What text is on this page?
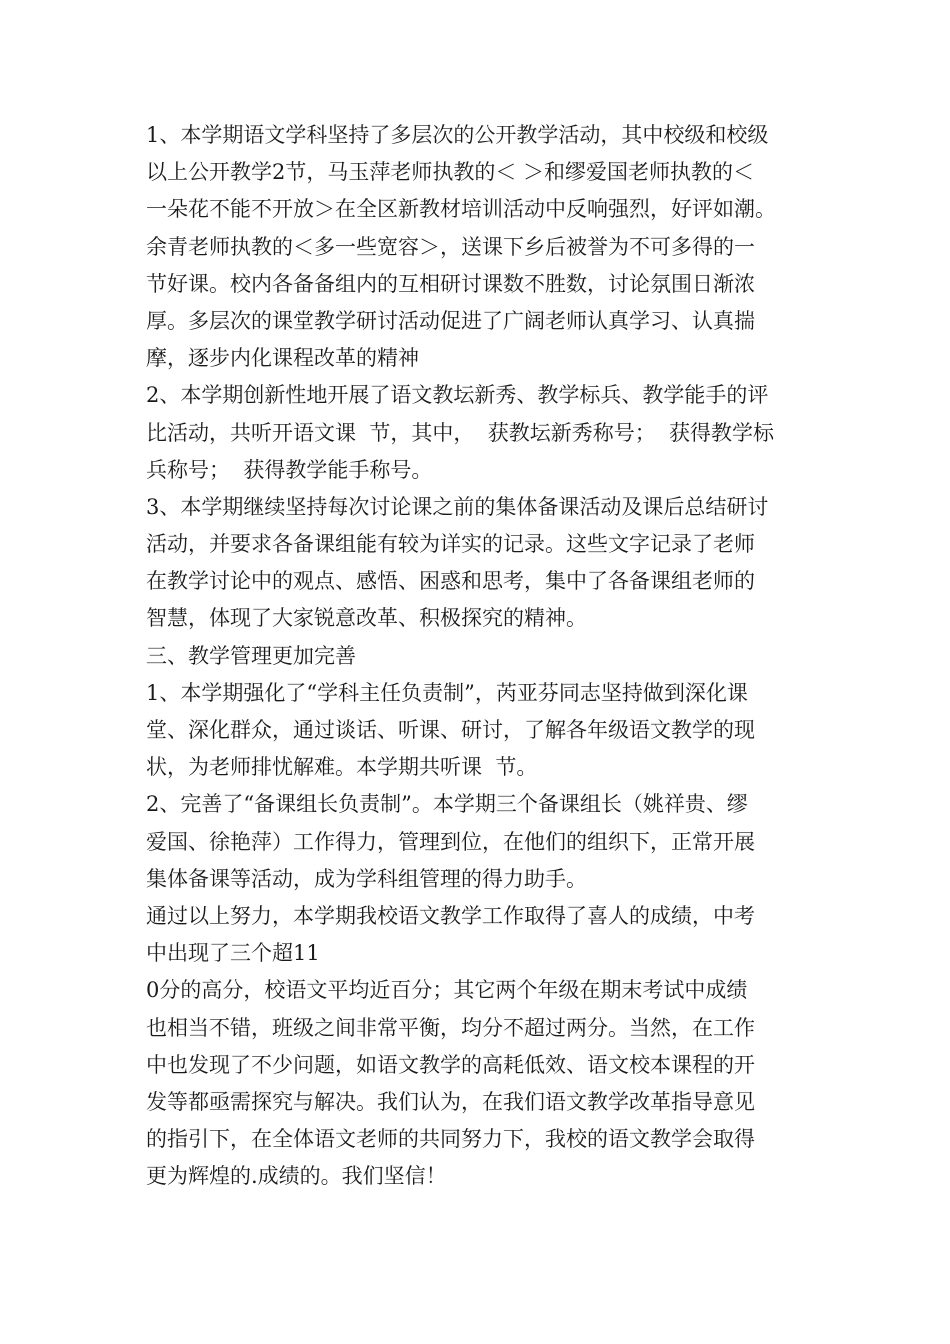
1、本学期语文学科坚持了多层次的公开教学活动，其中校级和校级
以上公开教学2节，马玉萍老师执教的＜ ＞和缪爱国老师执教的＜
一朵花不能不开放＞在全区新教材培训活动中反响强烈，好评如潮。
余青老师执教的＜多一些宽容＞，送课下乡后被誉为不可多得的一
节好课。校内各备备组内的互相研讨课数不胜数，讨论氛围日渐浓
厚。多层次的课堂教学研讨活动促进了广阔老师认真学习、认真揣
摩，逐步内化课程改革的精神
2、本学期创新性地开展了语文教坛新秀、教学标兵、教学能手的评
比活动，共听开语文课  节，其中，  获教坛新秀称号；  获得教学标
兵称号；  获得教学能手称号。
3、本学期继续坚持每次讨论课之前的集体备课活动及课后总结研讨
活动，并要求各备课组能有较为详实的记录。这些文字记录了老师
在教学讨论中的观点、感悟、困惑和思考，集中了各备课组老师的
智慧，体现了大家锐意改革、积极探究的精神。
三、教学管理更加完善
1、本学期强化了“学科主任负责制”，芮亚芬同志坚持做到深化课
堂、深化群众，通过谈话、听课、研讨，了解各年级语文教学的现
状，为老师排忧解难。本学期共听课  节。
2、完善了“备课组长负责制”。本学期三个备课组长（姚祥贵、缪
爱国、徐艳萍）工作得力，管理到位，在他们的组织下，正常开展
集体备课等活动，成为学科组管理的得力助手。
通过以上努力，本学期我校语文教学工作取得了喜人的成绩，中考
中出现了三个超11
0分的高分，校语文平均近百分；其它两个年级在期末考试中成绩
也相当不错，班级之间非常平衡，均分不超过两分。当然，在工作
中也发现了不少问题，如语文教学的高耗低效、语文校本课程的开
发等都亟需探究与解决。我们认为，在我们语文教学改革指导意见
的指引下，在全体语文老师的共同努力下，我校的语文教学会取得
更为辉煌的.成绩的。我们坚信！
